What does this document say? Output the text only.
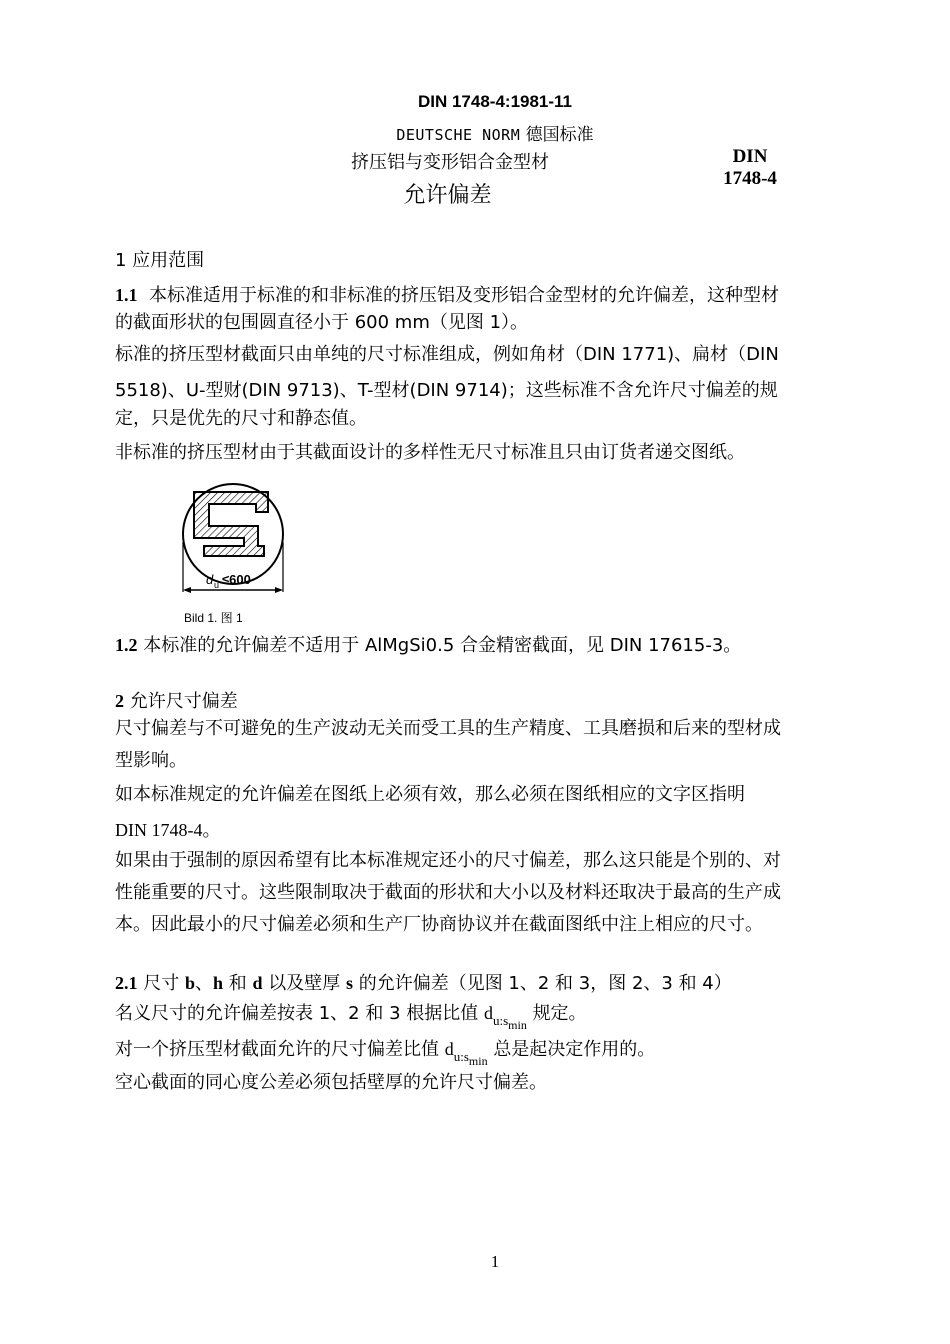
DIN 1748-4:1981-11
DEUTSCHE NORM 德国标准
挤压铝与变形铝合金型材
允许偏差
DIN
1748-4
1 应用范围
1.1 本标准适用于标准的和非标准的挤压铝及变形铝合金型材的允许偏差，这种型材
的截面形状的包围圆直径小于 600 mm（见图 1）。
标准的挤压型材截面只由单纯的尺寸标准组成，例如角材（DIN 1771)、扁材（DIN
5518)、U-型财(DIN 9713)、T-型材(DIN 9714)；这些标准不含允许尺寸偏差的规
定，只是优先的尺寸和静态值。
非标准的挤压型材由于其截面设计的多样性无尺寸标准且只由订货者递交图纸。
d u ≤600
Bild 1. 图 1
1.2 本标准的允许偏差不适用于 AlMgSi0.5 合金精密截面，见 DIN 17615-3。
2 允许尺寸偏差
尺寸偏差与不可避免的生产波动无关而受工具的生产精度、工具磨损和后来的型材成
型影响。
如本标准规定的允许偏差在图纸上必须有效，那么必须在图纸相应的文字区指明
DIN 1748-4。
如果由于强制的原因希望有比本标准规定还小的尺寸偏差，那么这只能是个别的、对
性能重要的尺寸。这些限制取决于截面的形状和大小以及材料还取决于最高的生产成
本。因此最小的尺寸偏差必须和生产厂协商协议并在截面图纸中注上相应的尺寸。
2.1 尺寸 b、h 和 d 以及壁厚 s 的允许偏差（见图 1、2 和 3，图 2、3 和 4）
名义尺寸的允许偏差按表 1、2 和 3 根据比值 $d_{u:smin}$ 规定。
对一个挤压型材截面允许的尺寸偏差比值 $d_{u:smin}$ 总是起决定作用的。
空心截面的同心度公差必须包括壁厚的允许尺寸偏差。
1
